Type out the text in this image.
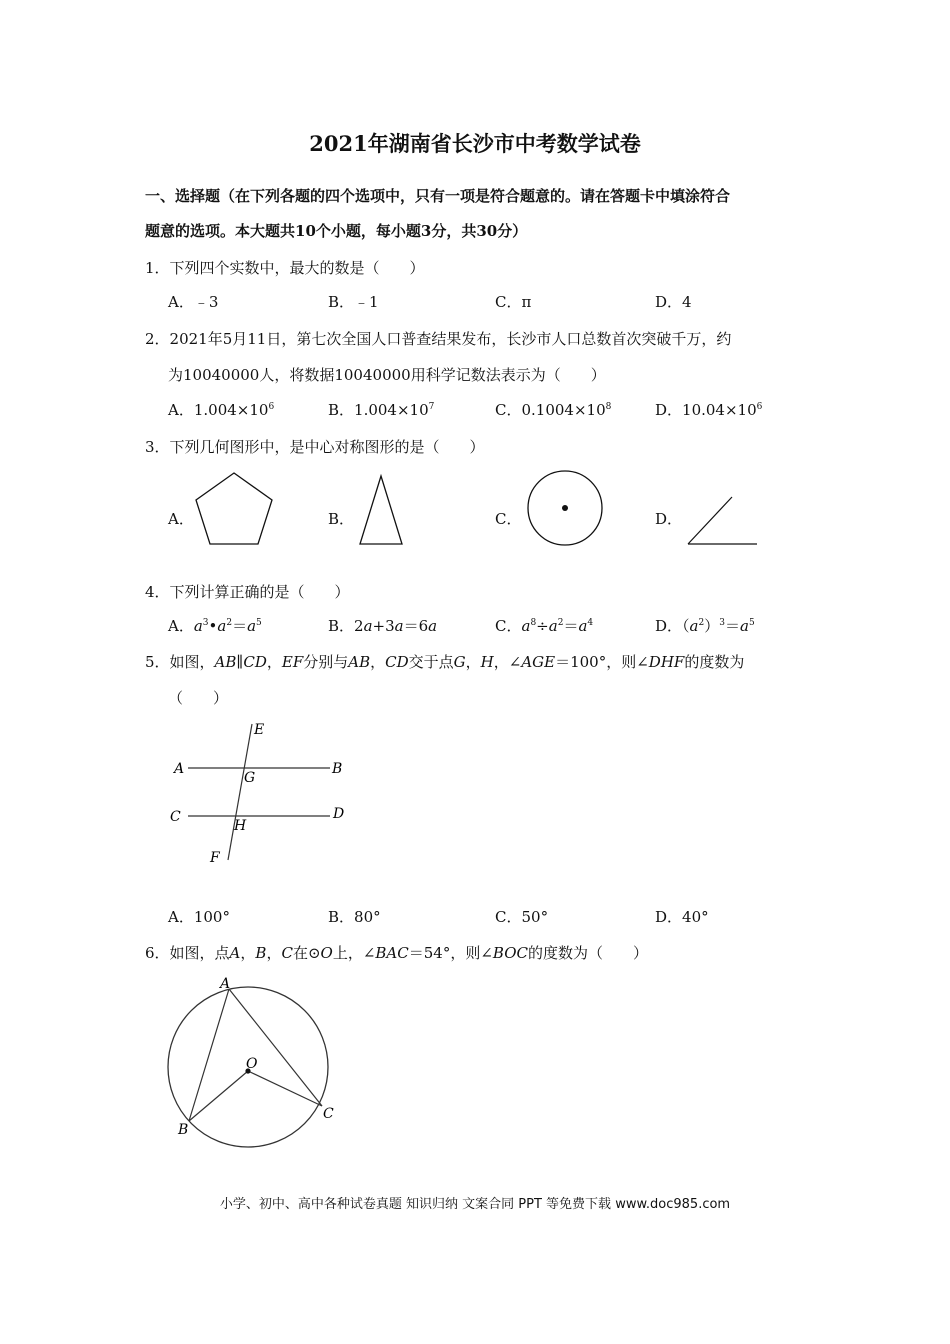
2021年湖南省长沙市中考数学试卷
一、选择题（在下列各题的四个选项中，只有一项是符合题意的。请在答题卡中填涂符合
题意的选项。本大题共10个小题，每小题3分，共30分）
1．下列四个实数中，最大的数是（　　）
A．﹣3	B．﹣1	C．π	D．4
2．2021年5月11日，第七次全国人口普查结果发布，长沙市人口总数首次突破千万，约
为10040000人，将数据10040000用科学记数法表示为（　　）
A．$1.004\times 10^6$	B．$1.004\times 10^7$	C．$0.1004\times 10^8$	D．$10.04\times 10^6$
3．下列几何图形中，是中心对称图形的是（　　）
A．	B．	C．	D．
4．下列计算正确的是（　　）
A．$a^3•a^2=a^5$	B．2a+3a＝6a	C．$a^8\div a^2=a^4$	D．$(a^2)^3=a^5$
5．如图，AB∥CD，EF分别与AB，CD交于点G，H，∠AGE＝100°，则∠DHF的度数为
（　　）
E
A	B
G
C	D
H
F
A．100°	B．80°	C．50°	D．40°
6．如图，点A，B，C在⊙O上，∠BAC＝54°，则∠BOC的度数为（　　）
A
O
B
C
小学、初中、高中各种试卷真题 知识归纳 文案合同 PPT 等免费下载 www.doc985.com
